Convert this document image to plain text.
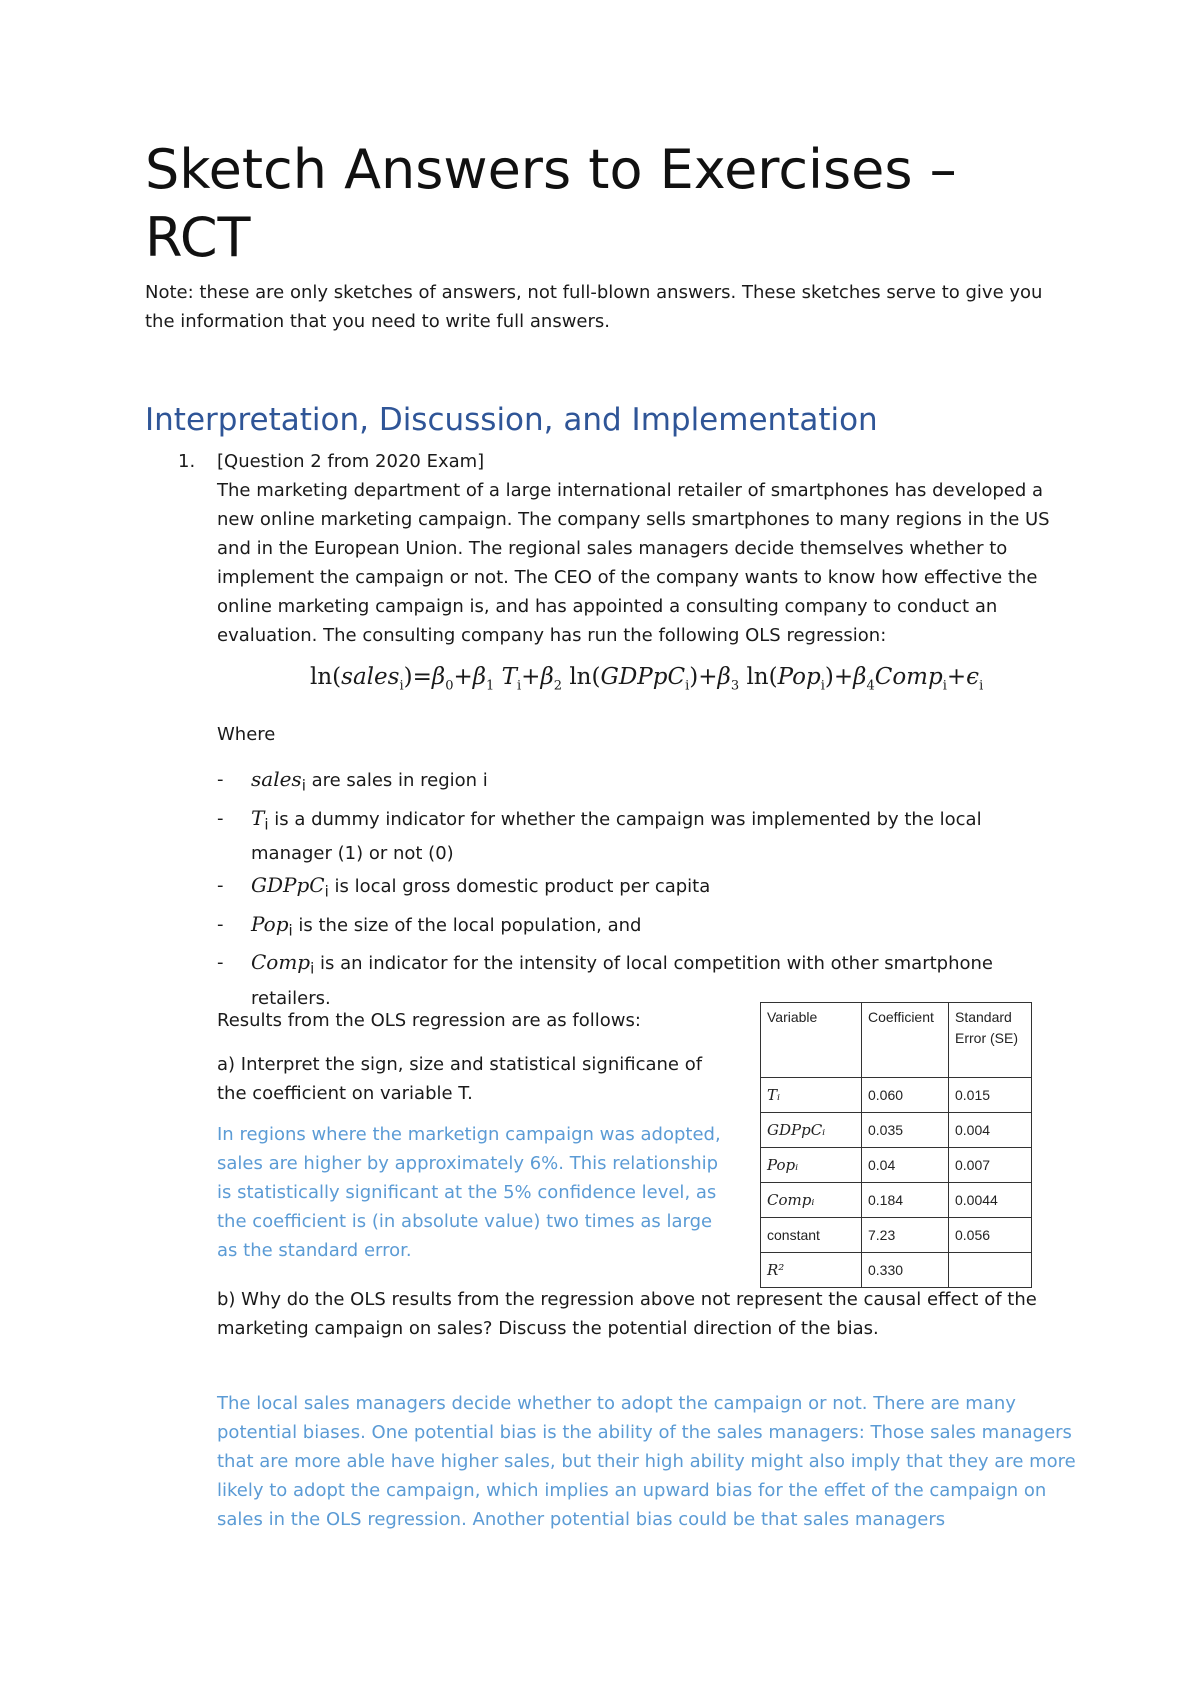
Sketch Answers to Exercises – RCT

Note: these are only sketches of answers, not full-blown answers. These sketches serve to give you the information that you need to write full answers.

Interpretation, Discussion, and Implementation
1. [Question 2 from 2020 Exam]

The marketing department of a large international retailer of smartphones has developed a new online marketing campaign. The company sells smartphones to many regions in the US and in the European Union. The regional sales managers decide themselves whether to implement the campaign or not. The CEO of the company wants to know how effective the online marketing campaign is, and has appointed a consulting company to conduct an evaluation. The consulting company has run the following OLS regression:

$\ln(sales_i)=\beta_0+\beta_1$ $T_i+\beta_2$ $\ln(GDPpC_i)+\beta_3$ $\ln(Pop_i)+\beta_4Comp_i+\epsilon_i$

Where

- sales$_i$ are sales in region i
- $T_i$ is a dummy indicator for whether the campaign was implemented by the local manager (1) or not (0)
- GDPpC$_i$ is local gross domestic product per capita
- Pop$_i$ is the size of the local population, and
- Comp$_i$ is an indicator for the intensity of local competition with other smartphone retailers.

Results from the OLS regression are as follows:

a) Interpret the sign, size and statistical significane of the coefficient on variable T.

In regions where the marketign campaign was adopted, sales are higher by approximately 6%. This relationship is statistically significant at the 5% confidence level, as the coefficient is (in absolute value) two times as large as the standard error.

b) Why do the OLS results from the regression above not represent the causal effect of the marketing campaign on sales? Discuss the potential direction of the bias.

The local sales managers decide whether to adopt the campaign or not. There are many potential biases. One potential bias is the ability of the sales managers: Those sales managers that are more able have higher sales, but their high ability might also imply that they are more likely to adopt the campaign, which implies an upward bias for the effet of the campaign on sales in the OLS regression. Another potential bias could be that sales managers

Variable	Coefficient	Standard Error (SE)
Tᵢ	0.060	0.015
GDPpCᵢ	0.035	0.004
Popᵢ	0.04	0.007
Compᵢ	0.184	0.0044
constant	7.23	0.056
R²	0.330	
